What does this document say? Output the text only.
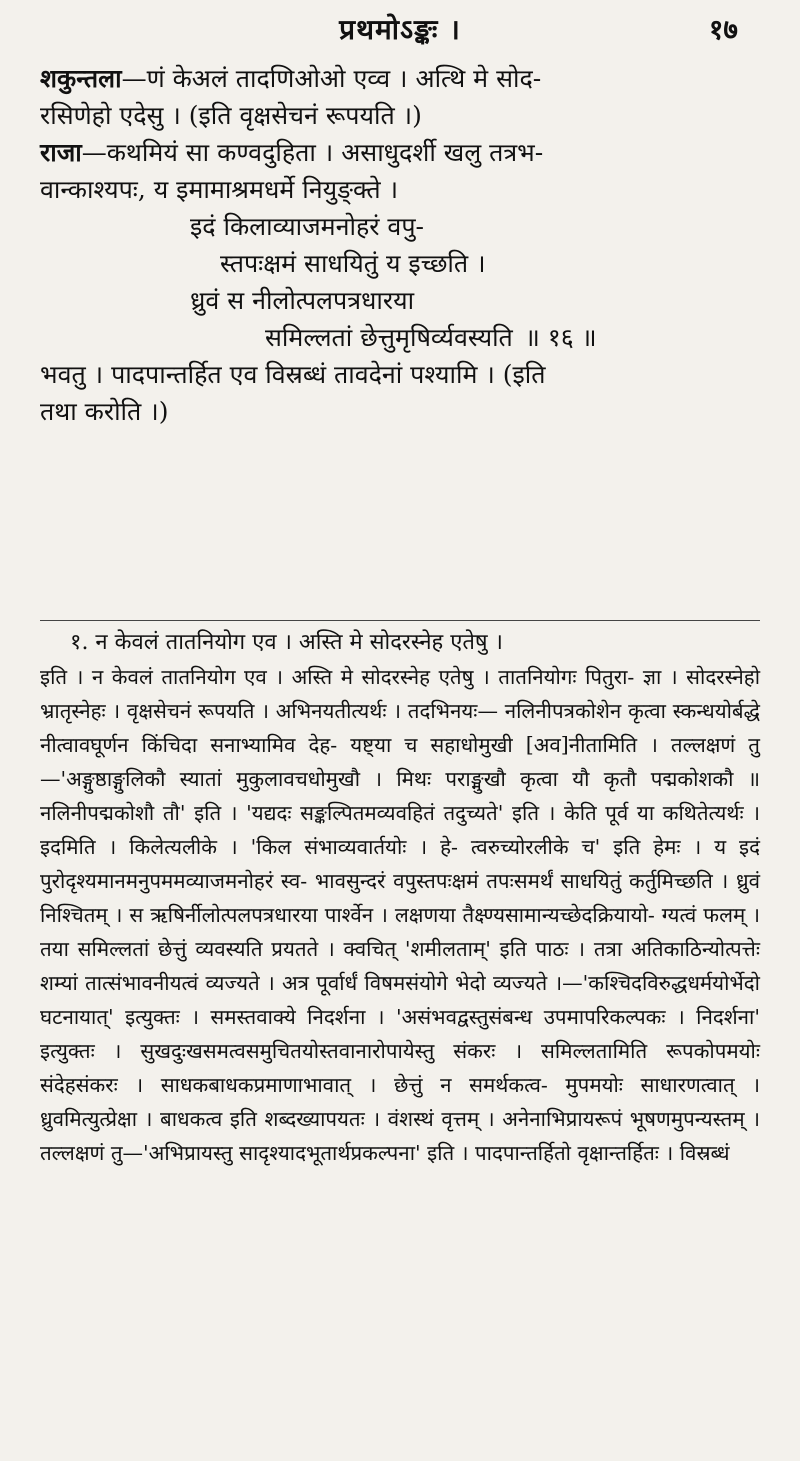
प्रथमोऽङ्कः ।	१७

शकुन्तला—णं केअलं तादणिओओ एव्व । अत्थि मे सोद-

रसिणेहो एदेसु । (इति वृक्षसेचनं रूपयति ।)

राजा—कथमियं सा कण्वदुहिता । असाधुदर्शी खलु तत्रभ-

वान्काश्यपः, य इमामाश्रमधर्मे नियुङ्क्ते ।

इदं किलाव्याजमनोहरं वपु-

स्तपःक्षमं साधयितुं य इच्छति ।

ध्रुवं स नीलोत्पलपत्रधारया

समिल्लतां छेत्तुमृषिर्व्यवस्यति ॥ १६ ॥

भवतु । पादपान्तर्हित एव विस्रब्धं तावदेनां पश्यामि । (इति

तथा करोति ।)

१. न केवलं तातनियोग एव । अस्ति मे सोदरस्नेह एतेषु ।

इति । न केवलं तातनियोग एव । अस्ति मे सोदरस्नेह एतेषु । तातनियोगः पितुरा- ज्ञा । सोदरस्नेहो भ्रातृस्नेहः । वृक्षसेचनं रूपयति । अभिनयतीत्यर्थः । तदभिनयः— नलिनीपत्रकोशेन कृत्वा स्कन्धयोर्बद्धे नीत्वावघूर्णन किंचिदा सनाभ्यामिव देह- यष्ट्या च सहाधोमुखी [अव]नीतामिति । तल्लक्षणं तु—'अङ्गुष्ठाङ्गुलिकौ स्यातां मुकुलावचधोमुखौ । मिथः पराङ्मुखौ कृत्वा यौ कृतौ पद्मकोशकौ ॥ नलिनीपद्मकोशौ तौ' इति । 'यद्यदः सङ्कल्पितमव्यवहितं तदुच्यते' इति । केति पूर्व या कथितेत्यर्थः । इदमिति । किलेत्यलीके । 'किल संभाव्यवार्तयोः । हे- त्वरुच्योरलीके च' इति हेमः । य इदं पुरोदृश्यमानमनुपममव्याजमनोहरं स्व- भावसुन्दरं वपुस्तपःक्षमं तपःसमर्थं साधयितुं कर्तुमिच्छति । ध्रुवं निश्चितम् । स ऋषिर्नीलोत्पलपत्रधारया पार्श्वेन । लक्षणया तैक्ष्ण्यसामान्यच्छेदक्रियायो- ग्यत्वं फलम् । तया समिल्लतां छेत्तुं व्यवस्यति प्रयतते । क्वचित् 'शमीलताम्' इति पाठः । तत्रा अतिकाठिन्योत्पत्तेः शम्यां तात्संभावनीयत्वं व्यज्यते । अत्र पूर्वार्धं विषमसंयोगे भेदो व्यज्यते ।—'कश्चिदविरुद्धधर्मयोर्भेदो घटनायात्' इत्युक्तः । समस्तवाक्ये निदर्शना । 'असंभवद्वस्तुसंबन्ध उपमापरिकल्पकः । निदर्शना' इत्युक्तः । सुखदुःखसमत्वसमुचितयोस्तवानारोपायेस्तु संकरः । समिल्लतामिति रूपकोपमयोः संदेहसंकरः । साधकबाधकप्रमाणाभावात् । छेत्तुं न समर्थकत्व- मुपमयोः साधारणत्वात् । ध्रुवमित्युत्प्रेक्षा । बाधकत्व इति शब्दख्यापयतः । वंशस्थं वृत्तम् । अनेनाभिप्रायरूपं भूषणमुपन्यस्तम् । तल्लक्षणं तु—'अभिप्रायस्तु सादृश्यादभूतार्थप्रकल्पना' इति । पादपान्तर्हितो वृक्षान्तर्हितः । विस्रब्धं
